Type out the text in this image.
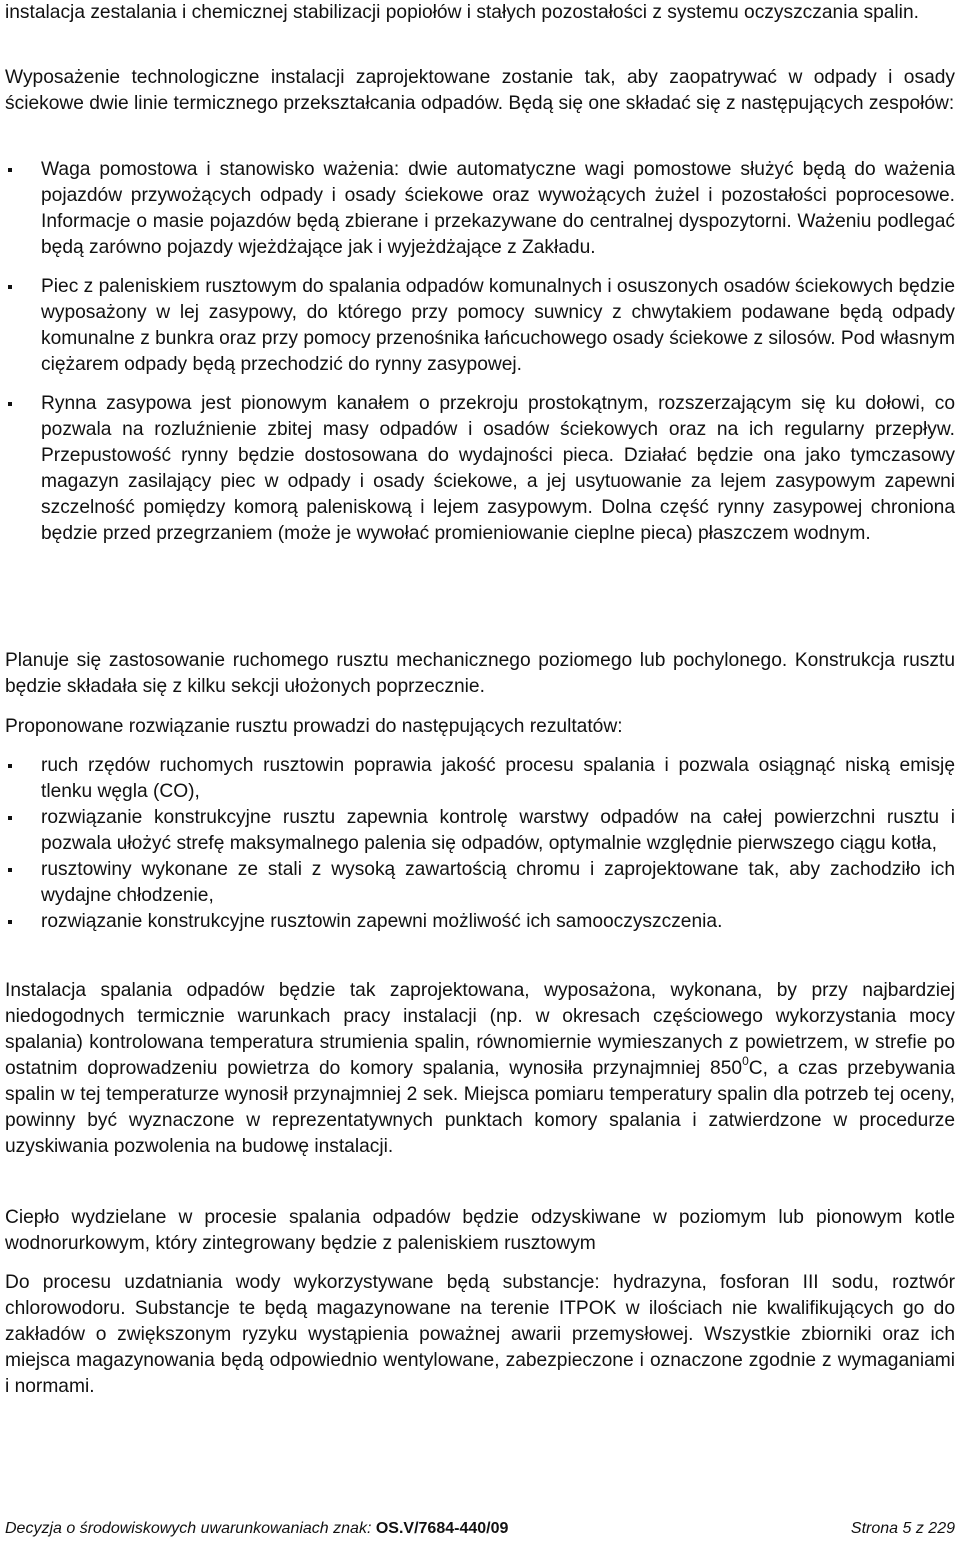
instalacja zestalania i chemicznej stabilizacji popiołów i stałych pozostałości z systemu oczyszczania spalin.

Wyposażenie technologiczne instalacji zaprojektowane zostanie tak, aby zaopatrywać w odpady i osady ściekowe dwie linie termicznego przekształcania odpadów. Będą się one składać się z następujących zespołów:

Waga pomostowa i stanowisko ważenia: dwie automatyczne wagi pomostowe służyć będą do ważenia pojazdów przywożących odpady i osady ściekowe oraz wywożących żużel i pozostałości poprocesowe. Informacje o masie pojazdów będą zbierane i przekazywane do centralnej dyspozytorni. Ważeniu podlegać będą zarówno pojazdy wjeżdżające jak i wyjeżdżające z Zakładu.
Piec z paleniskiem rusztowym do spalania odpadów komunalnych i osuszonych osadów ściekowych będzie wyposażony w lej zasypowy, do którego przy pomocy suwnicy z chwytakiem podawane będą odpady komunalne z bunkra oraz przy pomocy przenośnika łańcuchowego osady ściekowe z silosów. Pod własnym ciężarem odpady będą przechodzić do rynny zasypowej.
Rynna zasypowa jest pionowym kanałem o przekroju prostokątnym, rozszerzającym się ku dołowi, co pozwala na rozluźnienie zbitej masy odpadów i osadów ściekowych oraz na ich regularny przepływ. Przepustowość rynny będzie dostosowana do wydajności pieca. Działać będzie ona jako tymczasowy magazyn zasilający piec w odpady i osady ściekowe, a jej usytuowanie za lejem zasypowym zapewni szczelność pomiędzy komorą paleniskową i lejem zasypowym. Dolna część rynny zasypowej chroniona będzie przed przegrzaniem (może je wywołać promieniowanie cieplne pieca) płaszczem wodnym.

Planuje się zastosowanie ruchomego rusztu mechanicznego poziomego lub pochylonego. Konstrukcja rusztu będzie składała się z kilku sekcji ułożonych poprzecznie.

Proponowane rozwiązanie rusztu prowadzi do następujących rezultatów:

ruch rzędów ruchomych rusztowin poprawia jakość procesu spalania i pozwala osiągnąć niską emisję tlenku węgla (CO),
rozwiązanie konstrukcyjne rusztu zapewnia kontrolę warstwy odpadów na całej powierzchni rusztu i pozwala ułożyć strefę maksymalnego palenia się odpadów, optymalnie względnie pierwszego ciągu kotła,
rusztowiny wykonane ze stali z wysoką zawartością chromu i zaprojektowane tak, aby zachodziło ich wydajne chłodzenie,
rozwiązanie konstrukcyjne rusztowin zapewni możliwość ich samooczyszczenia.

Instalacja spalania odpadów będzie tak zaprojektowana, wyposażona, wykonana, by przy najbardziej niedogodnych termicznie warunkach pracy instalacji (np. w okresach częściowego wykorzystania mocy spalania) kontrolowana temperatura strumienia spalin, równomiernie wymieszanych z powietrzem, w strefie po ostatnim doprowadzeniu powietrza do komory spalania, wynosiła przynajmniej $850^0C$, a czas przebywania spalin w tej temperaturze wynosił przynajmniej 2 sek. Miejsca pomiaru temperatury spalin dla potrzeb tej oceny, powinny być wyznaczone w reprezentatywnych punktach komory spalania i zatwierdzone w procedurze uzyskiwania pozwolenia na budowę instalacji.

Ciepło wydzielane w procesie spalania odpadów będzie odzyskiwane w poziomym lub pionowym kotle wodnorurkowym, który zintegrowany będzie z paleniskiem rusztowym

Do procesu uzdatniania wody wykorzystywane będą substancje: hydrazyna, fosforan III sodu, roztwór chlorowodoru. Substancje te będą magazynowane na terenie ITPOK w ilościach nie kwalifikujących go do zakładów o zwiększonym ryzyku wystąpienia poważnej awarii przemysłowej. Wszystkie zbiorniki oraz ich miejsca magazynowania będą odpowiednio wentylowane, zabezpieczone i oznaczone zgodnie z wymaganiami i normami.

Decyzja o środowiskowych uwarunkowaniach znak: OS.V/7684-440/09	Strona 5 z 229
